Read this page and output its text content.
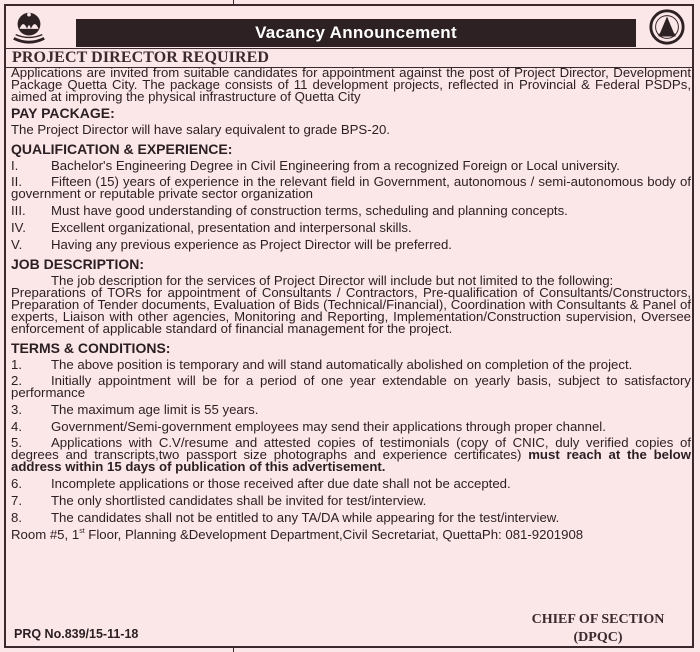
Vacancy Announcement
PROJECT DIRECTOR REQUIRED

Applications are invited from suitable candidates for appointment against the post of Project Director, Development Package Quetta City. The package consists of 11 development projects, reflected in Provincial & Federal PSDPs, aimed at improving the physical infrastructure of Quetta City

PAY PACKAGE:

The Project Director will have salary equivalent to grade BPS-20.

QUALIFICATION & EXPERIENCE:
I.	Bachelor's Engineering Degree in Civil Engineering from a recognized Foreign or Local university.
II. Fifteen (15) years of experience in the relevant field in Government, autonomous / semi-autonomous body of government or reputable private sector organization
III.	Must have good understanding of construction terms, scheduling and planning concepts.
IV.	Excellent organizational, presentation and interpersonal skills.
V.	Having any previous experience as Project Director will be preferred.
JOB DESCRIPTION:

The job description for the services of Project Director will include but not limited to the following:

Preparations of TORs for appointment of Consultants / Contractors, Pre-qualification of Consultants/Constructors, Preparation of Tender documents, Evaluation of Bids (Technical/Financial), Coordination with Consultants & Panel of experts, Liaison with other agencies, Monitoring and Reporting, Implementation/Construction supervision, Oversee enforcement of applicable standard of financial management for the project.

TERMS & CONDITIONS:
1.	The above position is temporary and will stand automatically abolished on completion of the project.
2. Initially appointment will be for a period of one year extendable on yearly basis, subject to satisfactory performance
3.	The maximum age limit is 55 years.
4.	Government/Semi-government employees may send their applications through proper channel.
5. Applications with C.V/resume and attested copies of testimonials (copy of CNIC, duly verified copies of degrees and transcripts,two passport size photographs and experience certificates) must reach at the below address within 15 days of publication of this advertisement.
6.	Incomplete applications or those received after due date shall not be accepted.
7.	The only shortlisted candidates shall be invited for test/interview.
8.	The candidates shall not be entitled to any TA/DA while appearing for the test/interview.

Room #5, 1st Floor, Planning &Development Department,Civil Secretariat, QuettaPh: 081-9201908

CHIEF OF SECTION
(DPQC)
PRQ No.839/15-11-18
